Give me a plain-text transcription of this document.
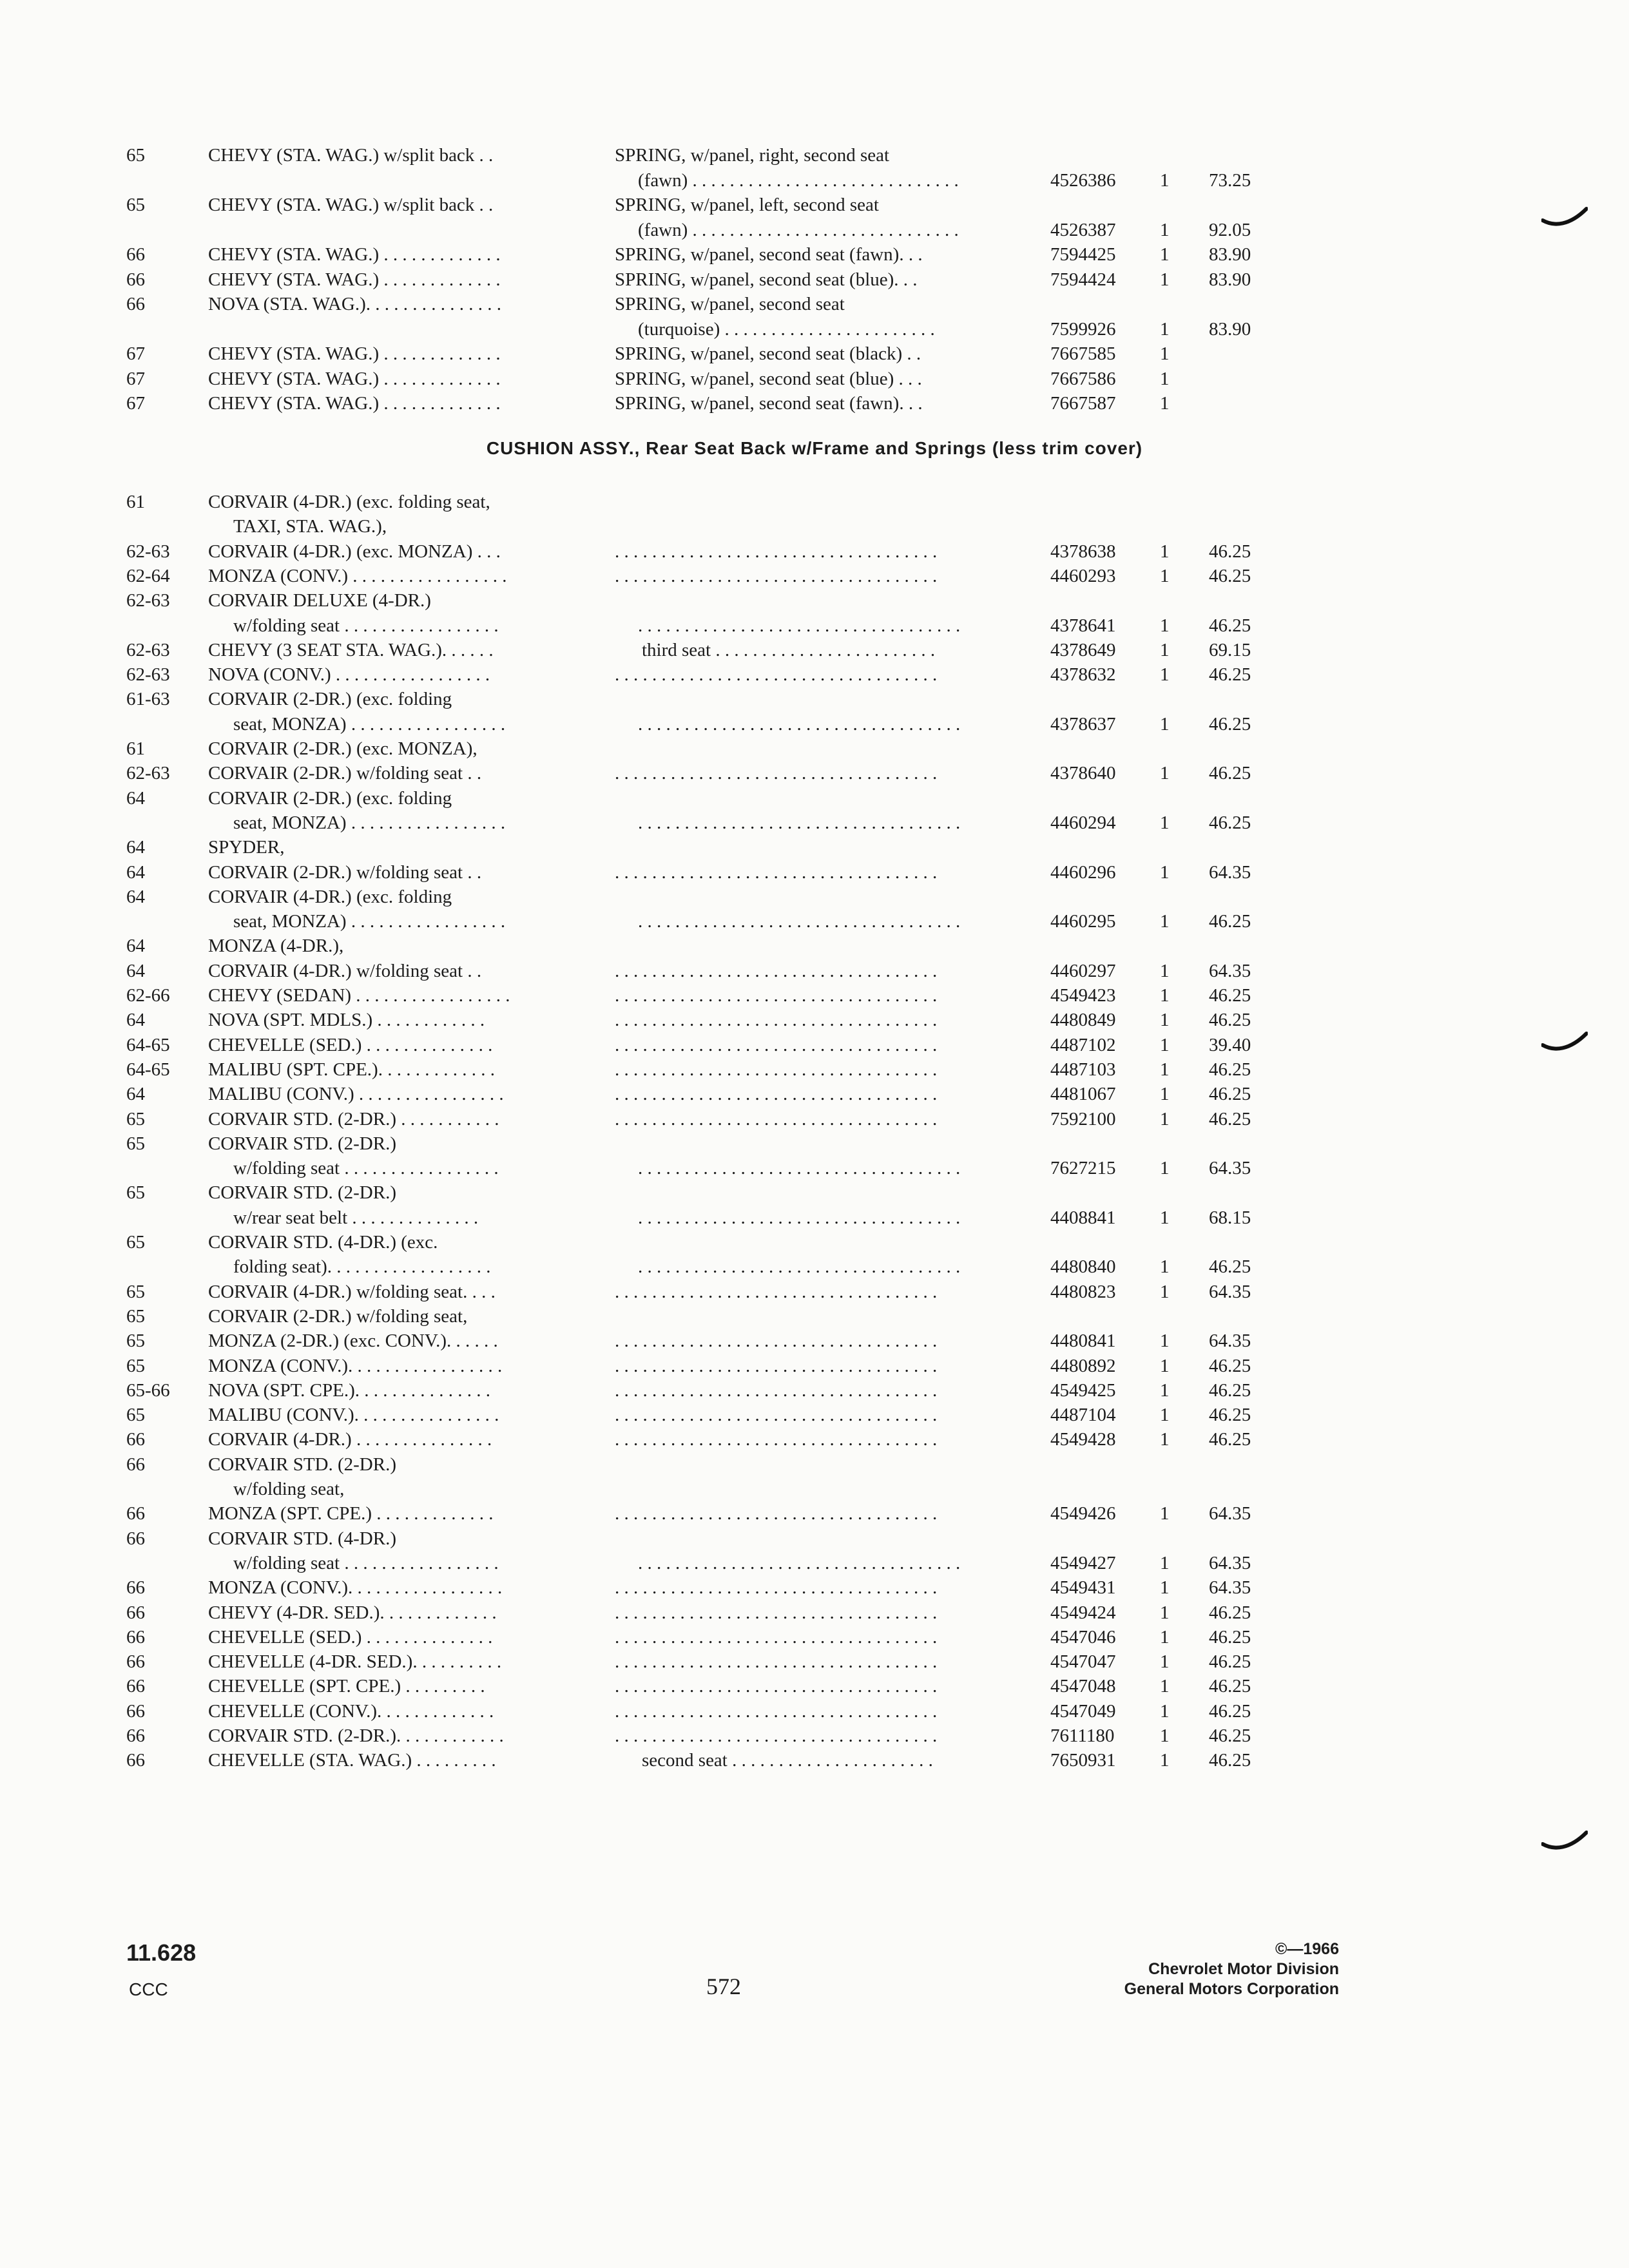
65	CHEVY (STA. WAG.) w/split back . .	SPRING, w/panel, right, second seat
(fawn) . . . . . . . . . . . . . . . . . . . . . . . . . . . . .	4526386 1 73.25
65	CHEVY (STA. WAG.) w/split back . .	SPRING, w/panel, left, second seat
(fawn) . . . . . . . . . . . . . . . . . . . . . . . . . . . . .	4526387 1 92.05
66	CHEVY (STA. WAG.) . . . . . . . . . . . . .	SPRING, w/panel, second seat (fawn). . .	7594425 1 83.90
66	CHEVY (STA. WAG.) . . . . . . . . . . . . .	SPRING, w/panel, second seat (blue). . .	7594424 1 83.90
66	NOVA (STA. WAG.). . . . . . . . . . . . . . .	SPRING, w/panel, second seat
(turquoise) . . . . . . . . . . . . . . . . . . . . . . .	7599926 1 83.90
67	CHEVY (STA. WAG.) . . . . . . . . . . . . .	SPRING, w/panel, second seat (black) . .	7667585 1
67	CHEVY (STA. WAG.) . . . . . . . . . . . . .	SPRING, w/panel, second seat (blue) . . .	7667586 1
67	CHEVY (STA. WAG.) . . . . . . . . . . . . .	SPRING, w/panel, second seat (fawn). . .	7667587 1
CUSHION ASSY., Rear Seat Back w/Frame and Springs (less trim cover)
61	CORVAIR (4-DR.) (exc. folding seat,
TAXI, STA. WAG.),
62-63 CORVAIR (4-DR.) (exc. MONZA) . . .	. . . . . . . . . . . . . . . . . . . . . . . . . . . . . . . . . . .	4378638 1 46.25
62-64 MONZA (CONV.) . . . . . . . . . . . . . . . . .	. . . . . . . . . . . . . . . . . . . . . . . . . . . . . . . . . . .	4460293 1 46.25
62-63 CORVAIR DELUXE (4-DR.)
w/folding seat . . . . . . . . . . . . . . . . .	. . . . . . . . . . . . . . . . . . . . . . . . . . . . . . . . . . .	4378641 1 46.25
62-63 CHEVY (3 SEAT STA. WAG.). . . . . .	third seat . . . . . . . . . . . . . . . . . . . . . . . .	4378649 1 69.15
62-63 NOVA (CONV.) . . . . . . . . . . . . . . . . .	. . . . . . . . . . . . . . . . . . . . . . . . . . . . . . . . . . .	4378632 1 46.25
61-63 CORVAIR (2-DR.) (exc. folding
seat, MONZA) . . . . . . . . . . . . . . . . .	. . . . . . . . . . . . . . . . . . . . . . . . . . . . . . . . . . .	4378637 1 46.25
61	CORVAIR (2-DR.) (exc. MONZA),
62-63 CORVAIR (2-DR.) w/folding seat . .	. . . . . . . . . . . . . . . . . . . . . . . . . . . . . . . . . . .	4378640 1 46.25
64	CORVAIR (2-DR.) (exc. folding
seat, MONZA) . . . . . . . . . . . . . . . . .	. . . . . . . . . . . . . . . . . . . . . . . . . . . . . . . . . . .	4460294 1 46.25
64	SPYDER,
64	CORVAIR (2-DR.) w/folding seat . .	. . . . . . . . . . . . . . . . . . . . . . . . . . . . . . . . . . .	4460296 1 64.35
64	CORVAIR (4-DR.) (exc. folding
seat, MONZA) . . . . . . . . . . . . . . . . .	. . . . . . . . . . . . . . . . . . . . . . . . . . . . . . . . . . .	4460295 1 46.25
64	MONZA (4-DR.),
64	CORVAIR (4-DR.) w/folding seat . .	. . . . . . . . . . . . . . . . . . . . . . . . . . . . . . . . . . .	4460297 1 64.35
62-66 CHEVY (SEDAN) . . . . . . . . . . . . . . . . .	. . . . . . . . . . . . . . . . . . . . . . . . . . . . . . . . . . .	4549423 1 46.25
64	NOVA (SPT. MDLS.) . . . . . . . . . . . .	. . . . . . . . . . . . . . . . . . . . . . . . . . . . . . . . . . .	4480849 1 46.25
64-65 CHEVELLE (SED.) . . . . . . . . . . . . . .	. . . . . . . . . . . . . . . . . . . . . . . . . . . . . . . . . . .	4487102 1 39.40
64-65 MALIBU (SPT. CPE.). . . . . . . . . . . . .	. . . . . . . . . . . . . . . . . . . . . . . . . . . . . . . . . . .	4487103 1 46.25
64	MALIBU (CONV.) . . . . . . . . . . . . . . . .	. . . . . . . . . . . . . . . . . . . . . . . . . . . . . . . . . . .	4481067 1 46.25
65	CORVAIR STD. (2-DR.) . . . . . . . . . . .	. . . . . . . . . . . . . . . . . . . . . . . . . . . . . . . . . . .	7592100 1 46.25
65	CORVAIR STD. (2-DR.)
w/folding seat . . . . . . . . . . . . . . . . .	. . . . . . . . . . . . . . . . . . . . . . . . . . . . . . . . . . .	7627215 1 64.35
65	CORVAIR STD. (2-DR.)
w/rear seat belt . . . . . . . . . . . . . .	. . . . . . . . . . . . . . . . . . . . . . . . . . . . . . . . . . .	4408841 1 68.15
65	CORVAIR STD. (4-DR.) (exc.
folding seat). . . . . . . . . . . . . . . . . .	. . . . . . . . . . . . . . . . . . . . . . . . . . . . . . . . . . .	4480840 1 46.25
65	CORVAIR (4-DR.) w/folding seat. . . .	. . . . . . . . . . . . . . . . . . . . . . . . . . . . . . . . . . .	4480823 1 64.35
65	CORVAIR (2-DR.) w/folding seat,
65	MONZA (2-DR.) (exc. CONV.). . . . . .	. . . . . . . . . . . . . . . . . . . . . . . . . . . . . . . . . . .	4480841 1 64.35
65	MONZA (CONV.). . . . . . . . . . . . . . . . .	. . . . . . . . . . . . . . . . . . . . . . . . . . . . . . . . . . .	4480892 1 46.25
65-66 NOVA (SPT. CPE.). . . . . . . . . . . . . . .	. . . . . . . . . . . . . . . . . . . . . . . . . . . . . . . . . . .	4549425 1 46.25
65	MALIBU (CONV.). . . . . . . . . . . . . . . .	. . . . . . . . . . . . . . . . . . . . . . . . . . . . . . . . . . .	4487104 1 46.25
66	CORVAIR (4-DR.) . . . . . . . . . . . . . . .	. . . . . . . . . . . . . . . . . . . . . . . . . . . . . . . . . . .	4549428 1 46.25
66	CORVAIR STD. (2-DR.)
w/folding seat,
66	MONZA (SPT. CPE.) . . . . . . . . . . . . .	. . . . . . . . . . . . . . . . . . . . . . . . . . . . . . . . . . .	4549426 1 64.35
66	CORVAIR STD. (4-DR.)
w/folding seat . . . . . . . . . . . . . . . . .	. . . . . . . . . . . . . . . . . . . . . . . . . . . . . . . . . . .	4549427 1 64.35
66	MONZA (CONV.). . . . . . . . . . . . . . . . .	. . . . . . . . . . . . . . . . . . . . . . . . . . . . . . . . . . .	4549431 1 64.35
66	CHEVY (4-DR. SED.). . . . . . . . . . . . .	. . . . . . . . . . . . . . . . . . . . . . . . . . . . . . . . . . .	4549424 1 46.25
66	CHEVELLE (SED.) . . . . . . . . . . . . . .	. . . . . . . . . . . . . . . . . . . . . . . . . . . . . . . . . . .	4547046 1 46.25
66	CHEVELLE (4-DR. SED.). . . . . . . . . .	. . . . . . . . . . . . . . . . . . . . . . . . . . . . . . . . . . .	4547047 1 46.25
66	CHEVELLE (SPT. CPE.) . . . . . . . . .	. . . . . . . . . . . . . . . . . . . . . . . . . . . . . . . . . . .	4547048 1 46.25
66	CHEVELLE (CONV.). . . . . . . . . . . . .	. . . . . . . . . . . . . . . . . . . . . . . . . . . . . . . . . . .	4547049 1 46.25
66	CORVAIR STD. (2-DR.). . . . . . . . . . . .	. . . . . . . . . . . . . . . . . . . . . . . . . . . . . . . . . . .	7611180 1 46.25
66	CHEVELLE (STA. WAG.) . . . . . . . . .	second seat . . . . . . . . . . . . . . . . . . . . . .	7650931 1 46.25
11.628
CCC	572
©—1966
Chevrolet Motor Division
General Motors Corporation
